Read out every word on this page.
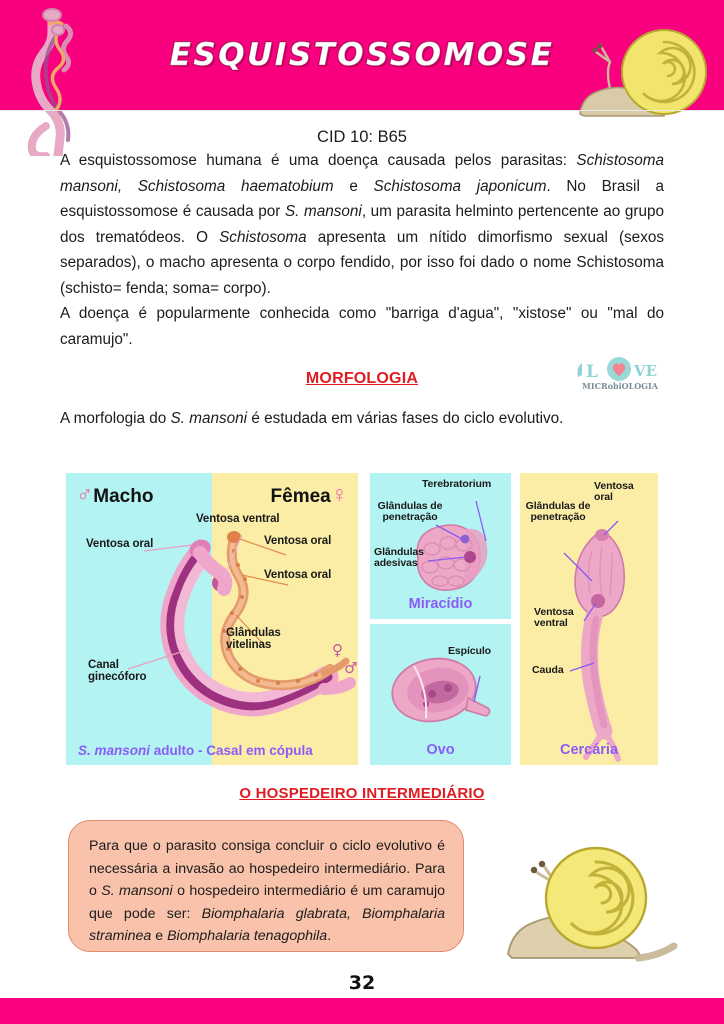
ESQUISTOSSOMOSE
CID 10: B65

A esquistossomose humana é uma doença causada pelos parasitas: Schistosoma mansoni, Schistosoma haematobium e Schistosoma japonicum. No Brasil a esquistossomose é causada por S. mansoni, um parasita helminto pertencente ao grupo dos trematódeos. O Schistosoma apresenta um nítido dimorfismo sexual (sexos separados), o macho apresenta o corpo fendido, por isso foi dado o nome Schistosoma (schisto= fenda; soma= corpo).

A doença é popularmente conhecida como "barriga d'agua", "xistose" ou "mal do caramujo".

MORFOLOGIA
A morfologia do S. mansoni é estudada em várias fases do ciclo evolutivo.
L VE
MICRobiOLOGIA
♂Macho	Fêmea♀
♀
♂
Ventosa oral
Ventosa ventral
Ventosa oral
Ventosa oral
Glândulas vitelinas
Canal ginecóforo
S. mansoni adulto - Casal em cópula
Terebratorium
Glândulas de penetração
Glândulas adesivas
Miracídio
Espículo
Ovo
Ventosa oral
Glândulas de penetração
Ventosa ventral
Cauda
Cercária
O HOSPEDEIRO INTERMEDIÁRIO
Para que o parasito consiga concluir o ciclo evolutivo é necessária a invasão ao hospedeiro intermediário. Para o S. mansoni o hospedeiro intermediário é um caramujo que pode ser: Biomphalaria glabrata, Biomphalaria straminea e Biomphalaria tenagophila.
32
